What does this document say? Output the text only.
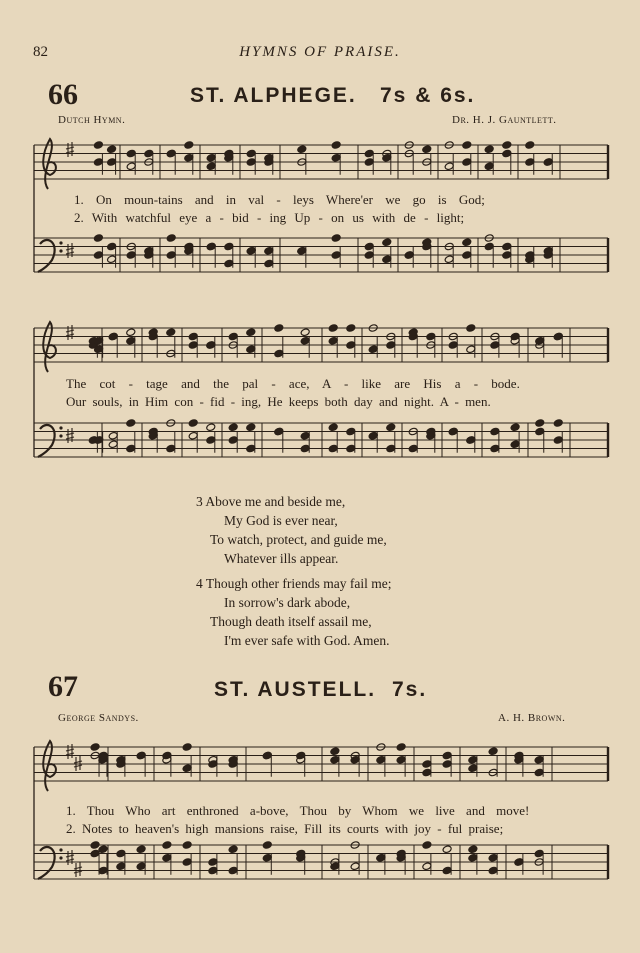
82	HYMNS OF PRAISE.
66	ST. ALPHEGE. 7s & 6s.
Dutch Hymn.	Dr. H. J. Gauntlett.
1. On moun-tains and in val - leys Where'er we go is God;
2. With watchful eye a - bid - ing Up - on us with de - light;
The cot - tage and the pal - ace, A - like are His a - bode.
Our souls, in Him con - fid - ing, He keeps both day and night. A - men.
3 Above me and beside me,
My God is ever near,
To watch, protect, and guide me,
Whatever ills appear.
4 Though other friends may fail me;
In sorrow's dark abode,
Though death itself assail me,
I'm ever safe with God. Amen.
67	ST. AUSTELL. 7s.
George Sandys.	A. H. Brown.
1. Thou Who art enthroned a-bove, Thou by Whom we live and move!
2. Notes to heaven's high mansions raise, Fill its courts with joy - ful praise;
